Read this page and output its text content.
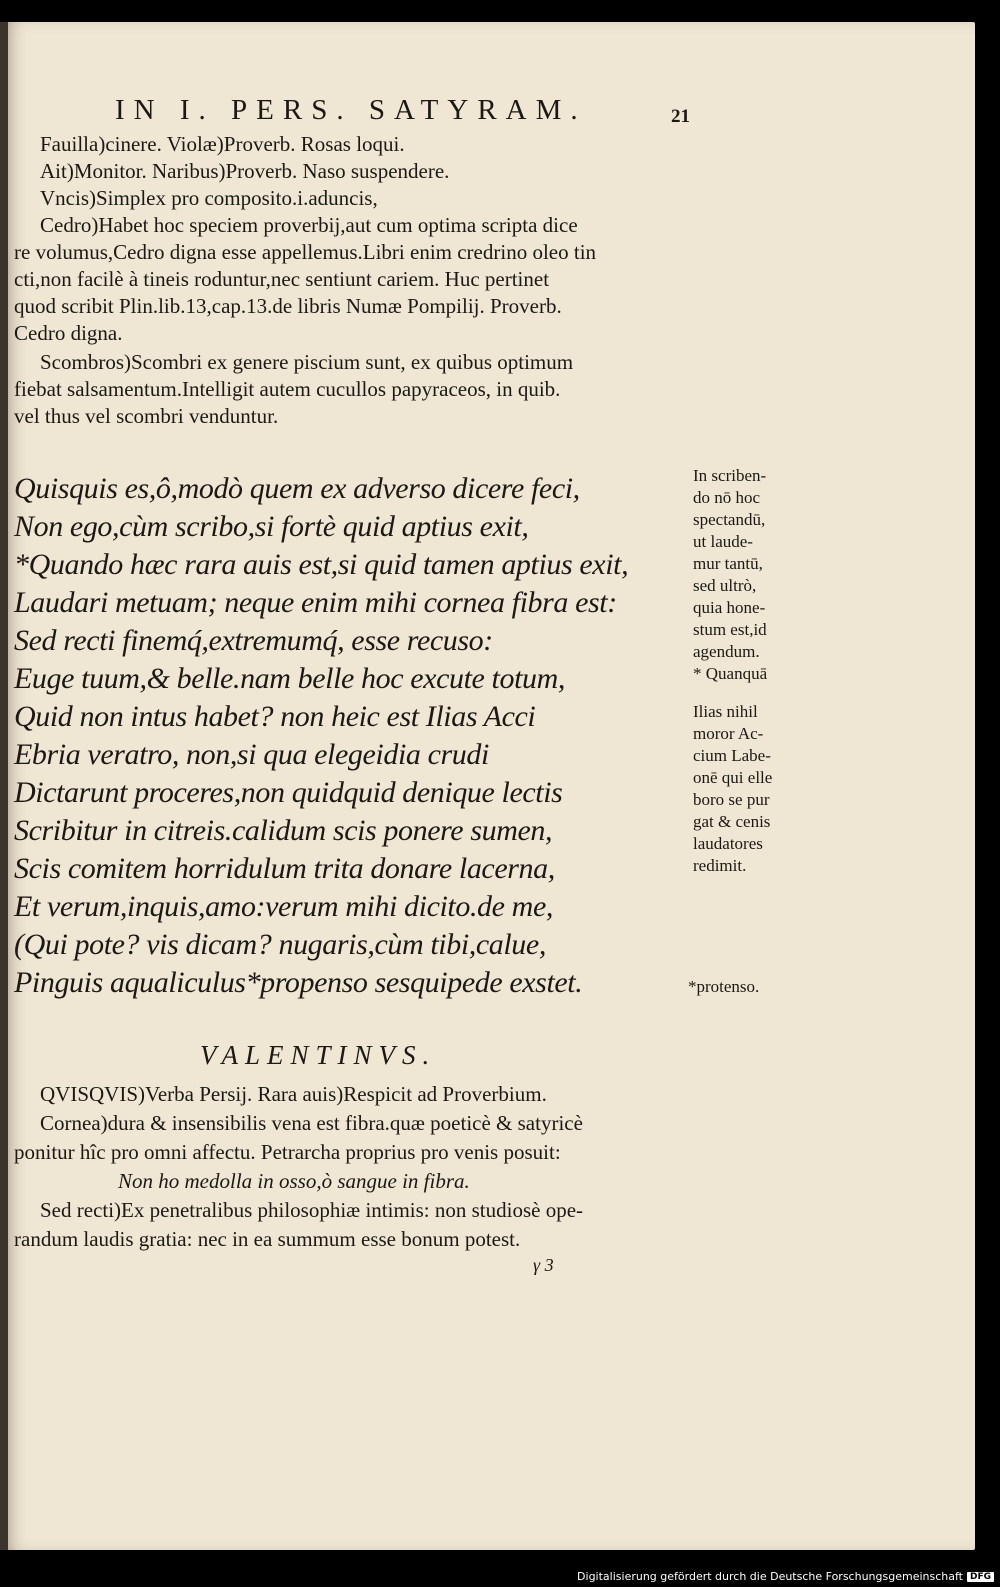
IN I. PERS. SATYRAM.	21
Fauilla)cinere. Violæ)Proverb. Rosas loqui.
Ait)Monitor. Naribus)Proverb. Naso suspendere.
Vncis)Simplex pro composito.i.aduncis,
Cedro)Habet hoc speciem proverbij,aut cum optima scripta dice
re volumus,Cedro digna esse appellemus.Libri enim credrino oleo tin
cti,non facilè à tineis roduntur,nec sentiunt cariem. Huc pertinet
quod scribit Plin.lib.13,cap.13.de libris Numæ Pompilij. Proverb.
Cedro digna.
Scombros)Scombri ex genere piscium sunt, ex quibus optimum
fiebat salsamentum.Intelligit autem cucullos papyraceos, in quib.
vel thus vel scombri venduntur.
Quisquis es,ô,modò quem ex adverso dicere feci,
Non ego,cùm scribo,si fortè quid aptius exit,
*Quando hæc rara auis est,si quid tamen aptius exit,
Laudari metuam; neque enim mihi cornea fibra est:
Sed recti finemq́,extremumq́, esse recuso:
Euge tuum,& belle.nam belle hoc excute totum,
Quid non intus habet? non heic est Ilias Acci
Ebria veratro, non,si qua elegeidia crudi
Dictarunt proceres,non quidquid denique lectis
Scribitur in citreis.calidum scis ponere sumen,
Scis comitem horridulum trita donare lacerna,
Et verum,inquis,amo:verum mihi dicito.de me,
(Qui pote? vis dicam? nugaris,cùm tibi,calue,
Pinguis aqualiculus*propenso sesquipede exstet.
In scriben-
do nō hoc
spectandū,
ut laude-
mur tantū,
sed ultrò,
quia hone-
stum est,id
agendum.
* Quanquā
Ilias nihil
moror Ac-
cium Labe-
onē qui elle
boro se pur
gat & cenis
laudatores
redimit.
*protenso.
VALENTINVS.
QVISQVIS)Verba Persij. Rara auis)Respicit ad Proverbium.
Cornea)dura & insensibilis vena est fibra.quæ poeticè & satyricè
ponitur hîc pro omni affectu. Petrarcha proprius pro venis posuit:
Non ho medolla in osso,ò sangue in fibra.
Sed recti)Ex penetralibus philosophiæ intimis: non studiosè ope-
randum laudis gratia: nec in ea summum esse bonum potest.
γ 3
Digitalisierung gefördert durch die Deutsche Forschungsgemeinschaft DFG
